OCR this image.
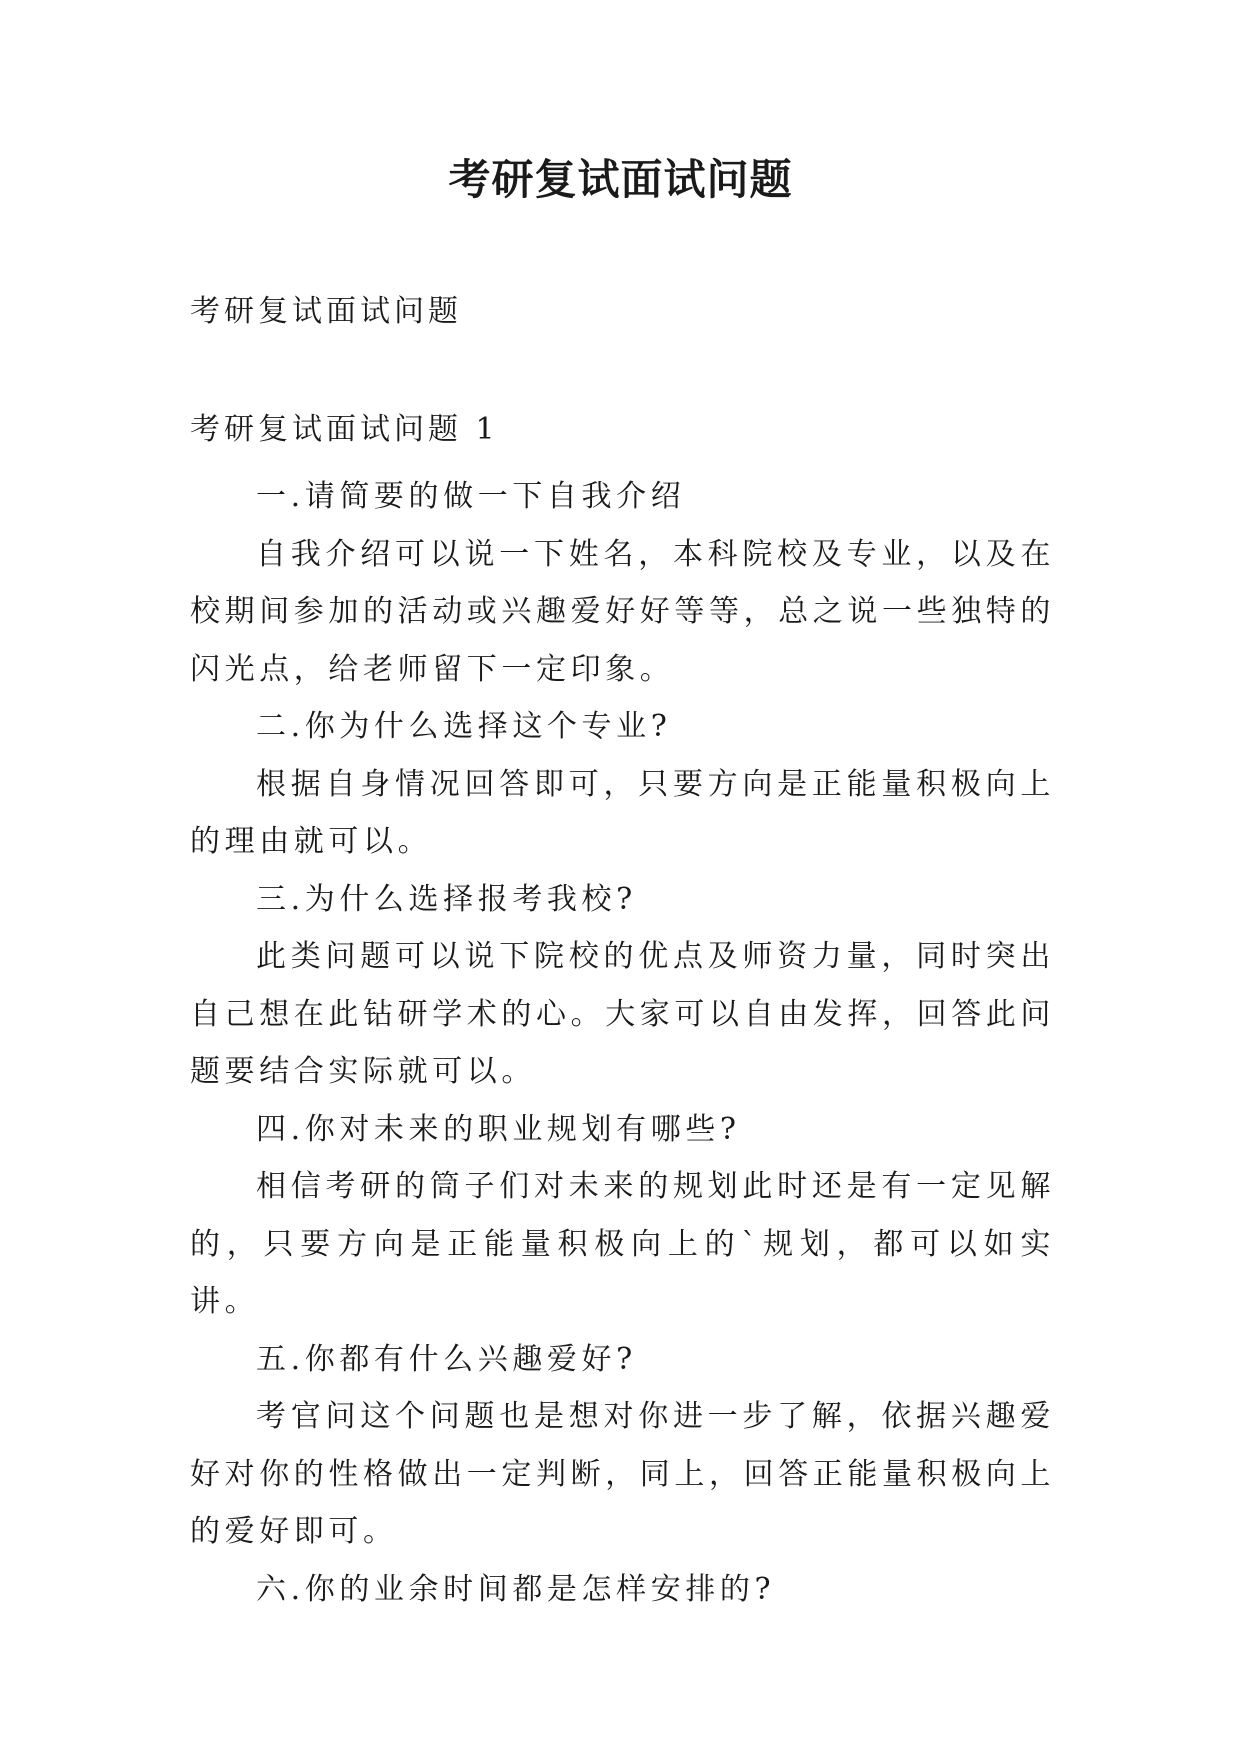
考研复试面试问题

考研复试面试问题

考研复试面试问题 1

一.请简要的做一下自我介绍

自我介绍可以说一下姓名，本科院校及专业，以及在校期间参加的活动或兴趣爱好好等等，总之说一些独特的闪光点，给老师留下一定印象。

二.你为什么选择这个专业?

根据自身情况回答即可，只要方向是正能量积极向上的理由就可以。

三.为什么选择报考我校?

此类问题可以说下院校的优点及师资力量，同时突出自己想在此钻研学术的心。大家可以自由发挥，回答此问题要结合实际就可以。

四.你对未来的职业规划有哪些?

相信考研的筒子们对未来的规划此时还是有一定见解的，只要方向是正能量积极向上的`规划，都可以如实讲。

五.你都有什么兴趣爱好?

考官问这个问题也是想对你进一步了解，依据兴趣爱好对你的性格做出一定判断，同上，回答正能量积极向上的爱好即可。

六.你的业余时间都是怎样安排的?
